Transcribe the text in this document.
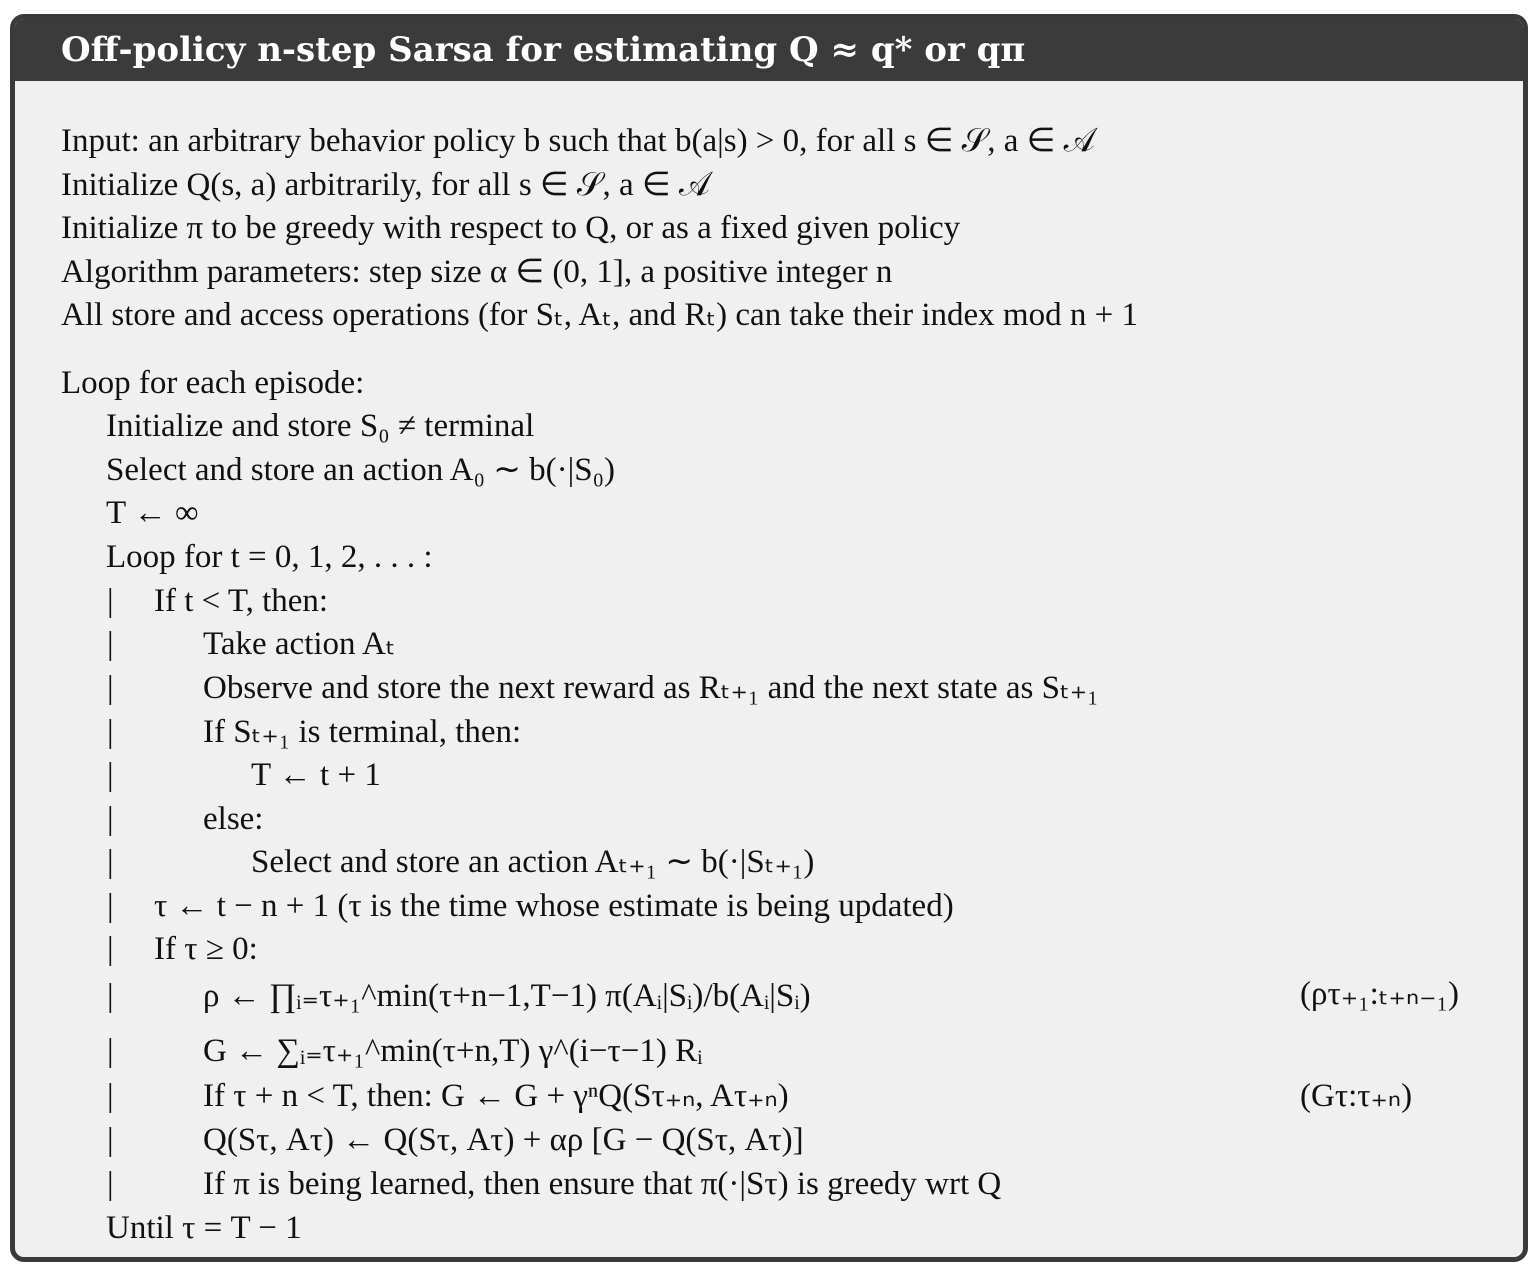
Off-policy n-step Sarsa for estimating Q ≈ q* or qπ
Input: an arbitrary behavior policy b such that b(a|s) > 0, for all s ∈ 𝒮, a ∈ 𝒜
Initialize Q(s, a) arbitrarily, for all s ∈ 𝒮, a ∈ 𝒜
Initialize π to be greedy with respect to Q, or as a fixed given policy
Algorithm parameters: step size α ∈ (0, 1], a positive integer n
All store and access operations (for Sₜ, Aₜ, and Rₜ) can take their index mod n + 1
Loop for each episode:
Initialize and store S₀ ≠ terminal
Select and store an action A₀ ∼ b(·|S₀)
T ← ∞
Loop for t = 0, 1, 2, . . . :
If t < T, then:
Take action Aₜ
Observe and store the next reward as Rₜ₊₁ and the next state as Sₜ₊₁
If Sₜ₊₁ is terminal, then:
T ← t + 1
else:
Select and store an action Aₜ₊₁ ∼ b(·|Sₜ₊₁)
τ ← t − n + 1 (τ is the time whose estimate is being updated)
If τ ≥ 0:
ρ ← ∏ᵢ₌τ₊₁^min(τ+n−1,T−1) π(Aᵢ|Sᵢ)/b(Aᵢ|Sᵢ)
G ← ∑ᵢ₌τ₊₁^min(τ+n,T) γ^(i−τ−1) Rᵢ
If τ + n < T, then: G ← G + γⁿQ(Sτ₊ₙ, Aτ₊ₙ)
Q(Sτ, Aτ) ← Q(Sτ, Aτ) + αρ [G − Q(Sτ, Aτ)]
If π is being learned, then ensure that π(·|Sτ) is greedy wrt Q
Until τ = T − 1
(ρτ₊₁:ₜ₊ₙ₋₁)
(Gτ:τ₊ₙ)
|
|
|
|
|
|
|
|
|
|
|
|
|
|
